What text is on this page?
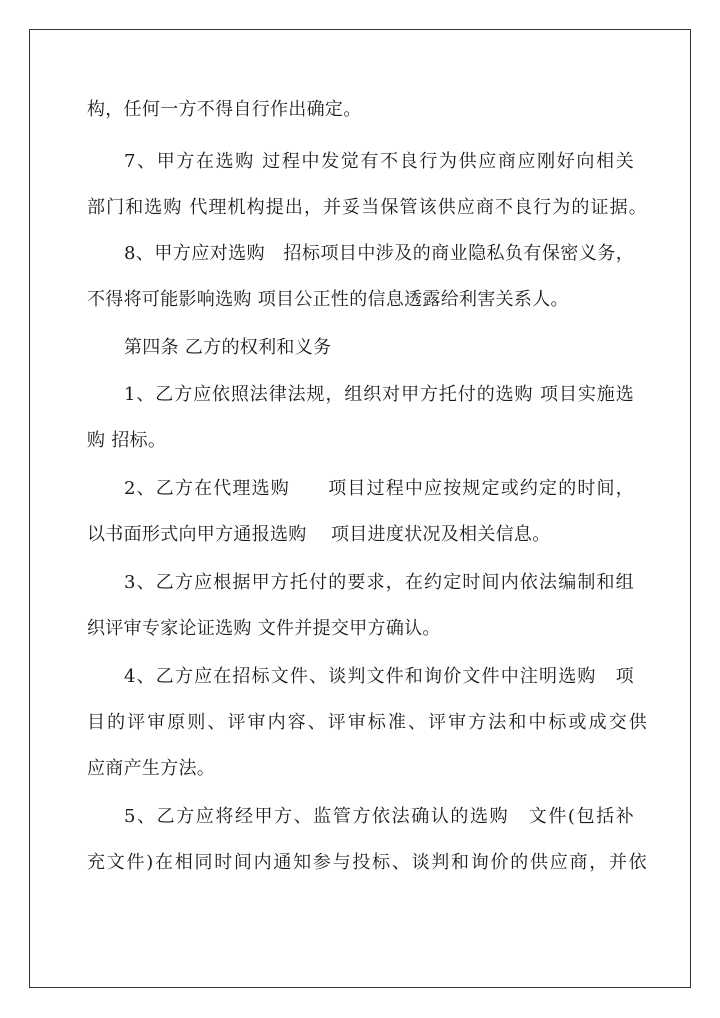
构，任何一方不得自行作出确定。
7、甲方在选购 过程中发觉有不良行为供应商应刚好向相关
部门和选购 代理机构提出，并妥当保管该供应商不良行为的证据。
8、甲方应对选购　招标项目中涉及的商业隐私负有保密义务，
不得将可能影响选购 项目公正性的信息透露给利害关系人。
第四条 乙方的权利和义务
1、乙方应依照法律法规，组织对甲方托付的选购 项目实施选
购 招标。
2、乙方在代理选购　　项目过程中应按规定或约定的时间，
以书面形式向甲方通报选购　 项目进度状况及相关信息。
3、乙方应根据甲方托付的要求，在约定时间内依法编制和组
织评审专家论证选购 文件并提交甲方确认。
4、乙方应在招标文件、谈判文件和询价文件中注明选购　项
目的评审原则、评审内容、评审标准、评审方法和中标或成交供
应商产生方法。
5、乙方应将经甲方、监管方依法确认的选购　文件(包括补
充文件)在相同时间内通知参与投标、谈判和询价的供应商，并依
